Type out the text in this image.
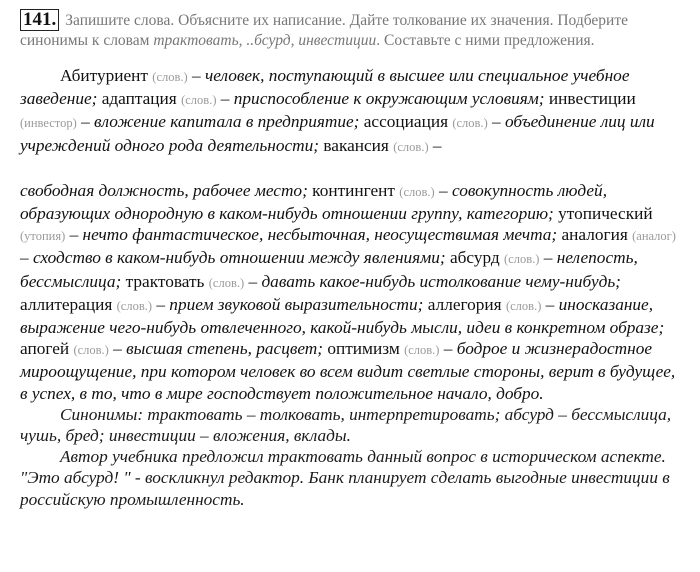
141. Запишите слова. Объясните их написание. Дайте толкование их значения. Подберите синонимы к словам трактовать, ..бсурд, инвестиции. Составьте с ними предложения.

Абитуриент (слов.) – человек, поступающий в высшее или специальное учебное заведение; адаптация (слов.) – приспособление к окружающим условиям; инвестиции (инвестор) – вложение капитала в предприятие; ассоциация (слов.) – объединение лиц или учреждений одного рода деятельности; вакансия (слов.) –

свободная должность, рабочее место; контингент (слов.) – совокупность людей, образующих однородную в каком-нибудь отношении группу, категорию; утопический (утопия) – нечто фантастическое, несбыточная, неосуществимая мечта; аналогия (аналог) – сходство в каком-нибудь отношении между явлениями; абсурд (слов.) – нелепость, бессмыслица; трактовать (слов.) – давать какое-нибудь истолкование чему-нибудь; аллитерация (слов.) – прием звуковой выразительности; аллегория (слов.) – иносказание, выражение чего-нибудь отвлеченного, какой-нибудь мысли, идеи в конкретном образе; апогей (слов.) – высшая степень, расцвет; оптимизм (слов.) – бодрое и жизнерадостное мироощущение, при котором человек во всем видит светлые стороны, верит в будущее, в успех, в то, что в мире господствует положительное начало, добро.

Синонимы: трактовать – толковать, интерпретировать; абсурд – бессмыслица, чушь, бред; инвестиции – вложения, вклады.

Автор учебника предложил трактовать данный вопрос в историческом аспекте. "Это абсурд! " - воскликнул редактор. Банк планирует сделать выгодные инвестиции в российскую промышленность.
